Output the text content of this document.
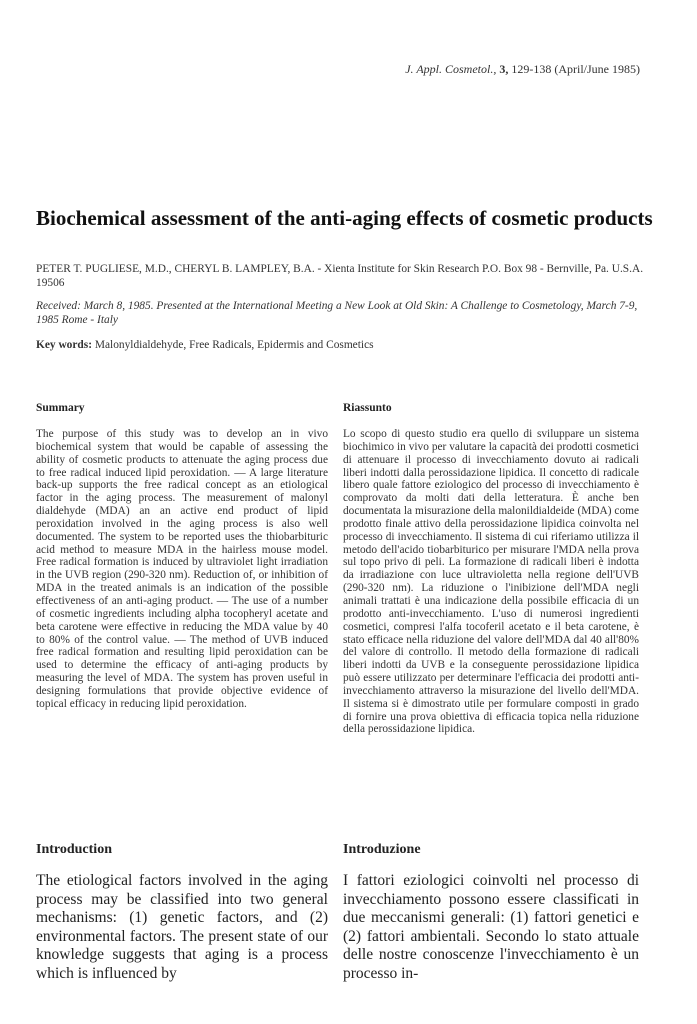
J. Appl. Cosmetol., 3, 129-138 (April/June 1985)
Biochemical assessment of the anti-aging effects of cosmetic products
PETER T. PUGLIESE, M.D., CHERYL B. LAMPLEY, B.A. - Xienta Institute for Skin Research P.O. Box 98 - Bernville, Pa. U.S.A. 19506
Received: March 8, 1985. Presented at the International Meeting a New Look at Old Skin: A Challenge to Cosmetology, March 7-9, 1985 Rome - Italy
Key words: Malonyldialdehyde, Free Radicals, Epidermis and Cosmetics
Summary

The purpose of this study was to develop an in vivo biochemical system that would be capable of assessing the ability of cosmetic products to attenuate the aging process due to free radical induced lipid peroxidation. — A large literature back-up supports the free radical concept as an etiological factor in the aging process. The measurement of malonyl dialdehyde (MDA) an an active end product of lipid peroxidation involved in the aging process is also well documented. The system to be reported uses the thiobarbituric acid method to measure MDA in the hairless mouse model. Free radical formation is induced by ultraviolet light irradiation in the UVB region (290-320 nm). Reduction of, or inhibition of MDA in the treated animals is an indication of the possible effectiveness of an anti-aging product. — The use of a number of cosmetic ingredients including alpha tocopheryl acetate and beta carotene were effective in reducing the MDA value by 40 to 80% of the control value. — The method of UVB induced free radical formation and resulting lipid peroxidation can be used to determine the efficacy of anti-aging products by measuring the level of MDA. The system has proven useful in designing formulations that provide objective evidence of topical efficacy in reducing lipid peroxidation.

Riassunto

Lo scopo di questo studio era quello di sviluppare un sistema biochimico in vivo per valutare la capacità dei prodotti cosmetici di attenuare il processo di invecchiamento dovuto ai radicali liberi indotti dalla perossidazione lipidica. Il concetto di radicale libero quale fattore eziologico del processo di invecchiamento è comprovato da molti dati della letteratura. È anche ben documentata la misurazione della malonildialdeide (MDA) come prodotto finale attivo della perossidazione lipidica coinvolta nel processo di invecchiamento. Il sistema di cui riferiamo utilizza il metodo dell'acido tiobarbiturico per misurare l'MDA nella prova sul topo privo di peli. La formazione di radicali liberi è indotta da irradiazione con luce ultravioletta nella regione dell'UVB (290-320 nm). La riduzione o l'inibizione dell'MDA negli animali trattati è una indicazione della possibile efficacia di un prodotto anti-invecchiamento. L'uso di numerosi ingredienti cosmetici, compresi l'alfa tocoferil acetato e il beta carotene, è stato efficace nella riduzione del valore dell'MDA dal 40 all'80% del valore di controllo. Il metodo della formazione di radicali liberi indotti da UVB e la conseguente perossidazione lipidica può essere utilizzato per determinare l'efficacia dei prodotti anti-invecchiamento attraverso la misurazione del livello dell'MDA. Il sistema si è dimostrato utile per formulare composti in grado di fornire una prova obiettiva di efficacia topica nella riduzione della perossidazione lipidica.

Introduction

The etiological factors involved in the aging process may be classified into two general mechanisms: (1) genetic factors, and (2) environmental factors. The present state of our knowledge suggests that aging is a process which is influenced by

Introduzione

I fattori eziologici coinvolti nel processo di invecchiamento possono essere classificati in due meccanismi generali: (1) fattori genetici e (2) fattori ambientali. Secondo lo stato attuale delle nostre conoscenze l'invecchiamento è un processo in-
